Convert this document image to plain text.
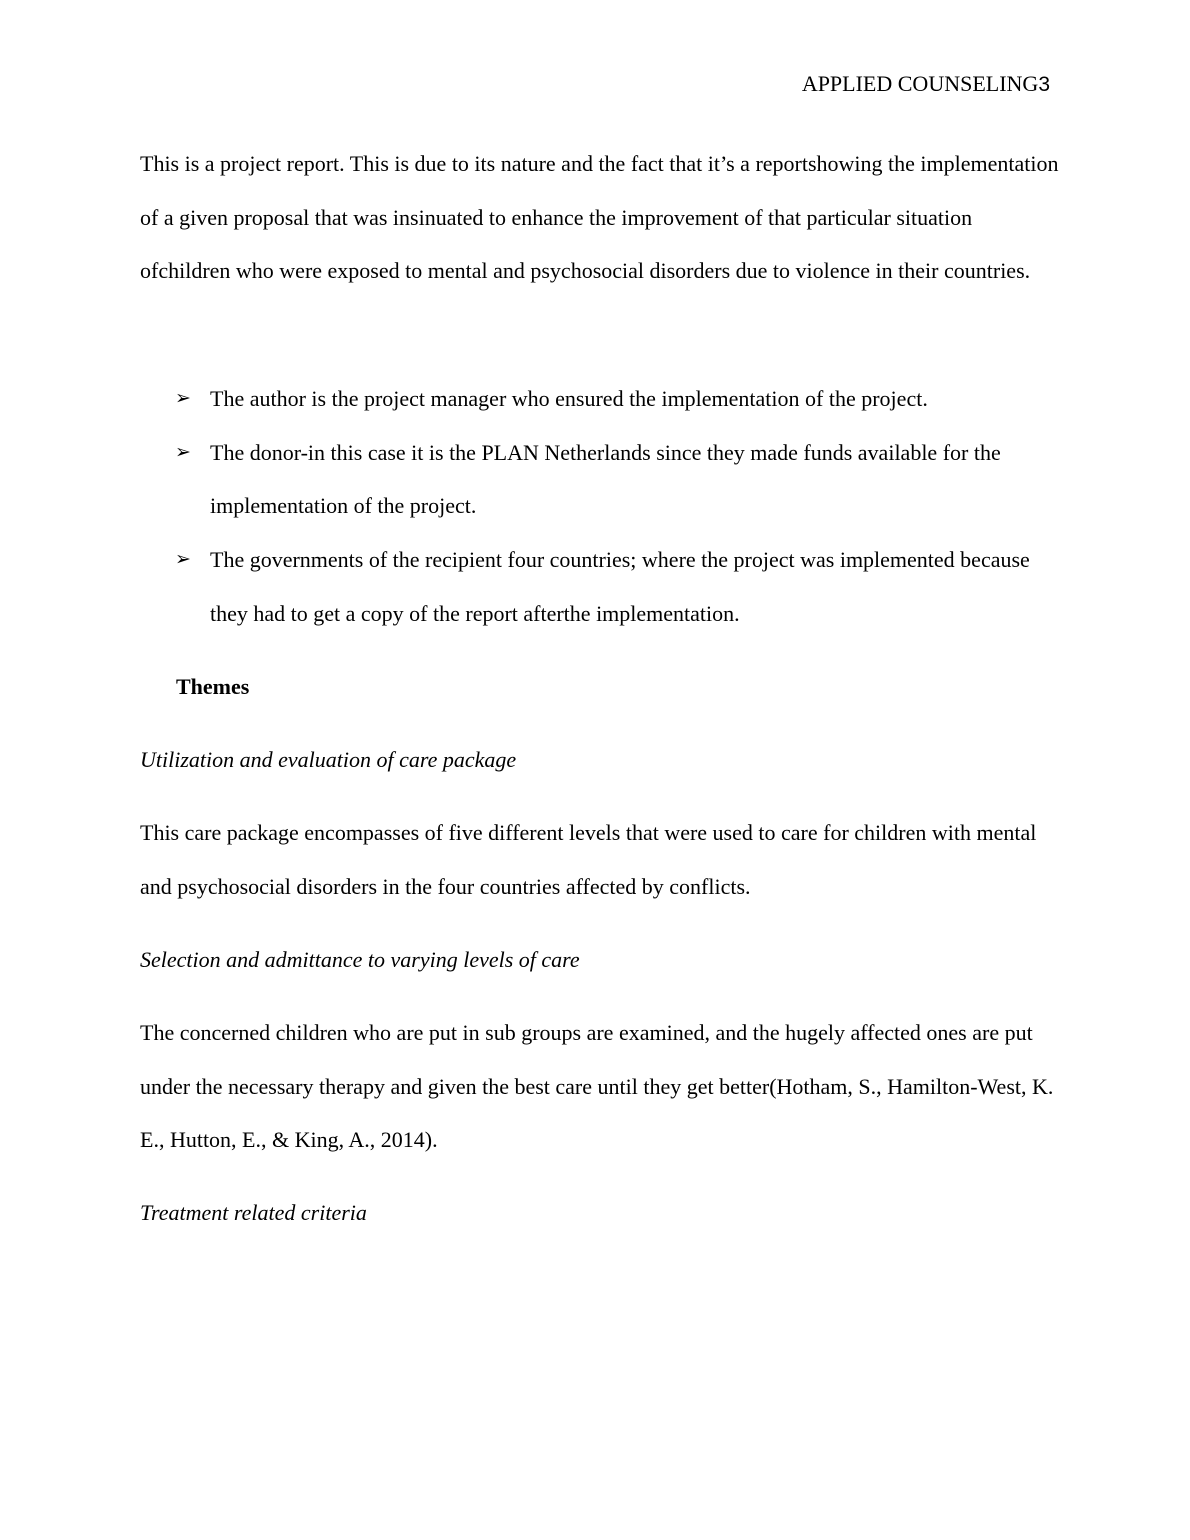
APPLIED COUNSELING3

This is a project report. This is due to its nature and the fact that it’s a reportshowing the implementation of a given proposal that was insinuated to enhance the improvement of that particular situation ofchildren who were exposed to mental and psychosocial disorders due to violence in their countries.

➢ The author is the project manager who ensured the implementation of the project.
➢ The donor-in this case it is the PLAN Netherlands since they made funds available for the implementation of the project.
➢ The governments of the recipient four countries; where the project was implemented because they had to get a copy of the report afterthe implementation.
Themes
Utilization and evaluation of care package

This care package encompasses of five different levels that were used to care for children with mental and psychosocial disorders in the four countries affected by conflicts.

Selection and admittance to varying levels of care

The concerned children who are put in sub groups are examined, and the hugely affected ones are put under the necessary therapy and given the best care until they get better(Hotham, S., Hamilton-West, K. E., Hutton, E., & King, A., 2014).

Treatment related criteria
